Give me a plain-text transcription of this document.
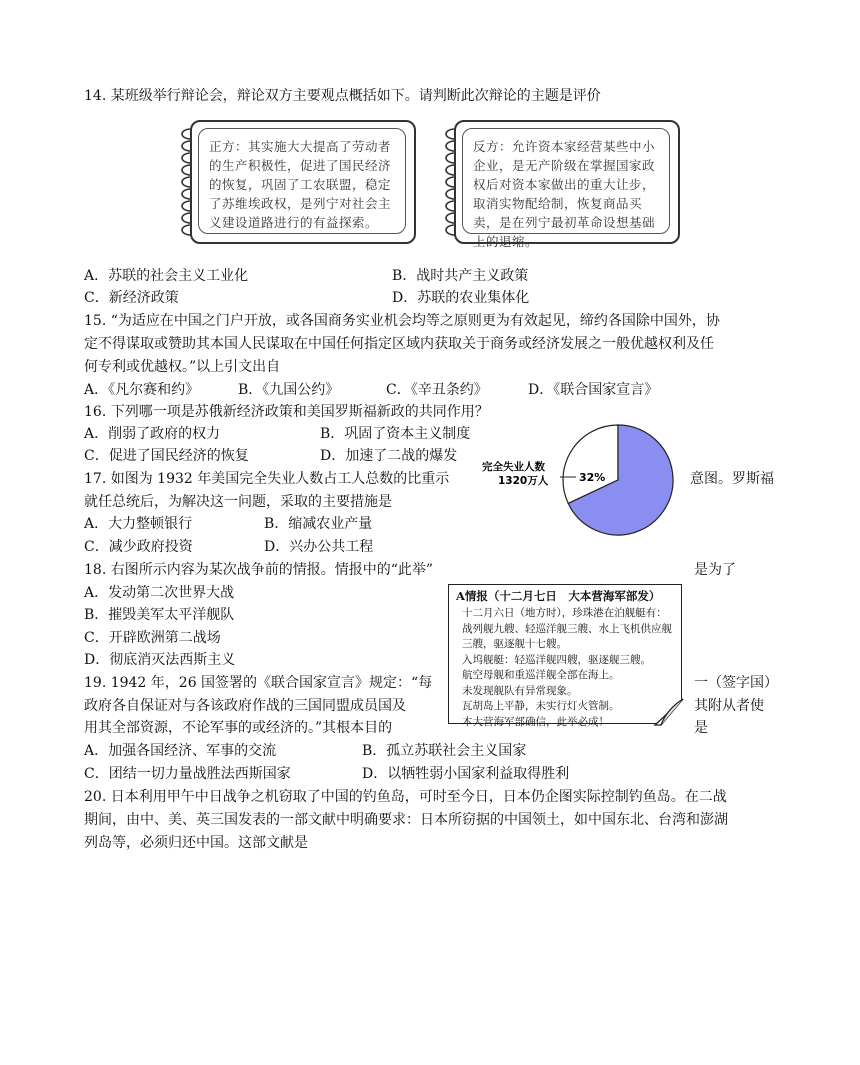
14. 某班级举行辩论会，辩论双方主要观点概括如下。请判断此次辩论的主题是评价
正方：其实施大大提高了劳动者的生产积极性，促进了国民经济的恢复，巩固了工农联盟，稳定了苏维埃政权，是列宁对社会主义建设道路进行的有益探索。
反方：允许资本家经营某些中小企业，是无产阶级在掌握国家政权后对资本家做出的重大让步，取消实物配给制，恢复商品买卖，是在列宁最初革命设想基础上的退缩。
A．苏联的社会主义工业化	B．战时共产主义政策
C．新经济政策	D．苏联的农业集体化
15. “为适应在中国之门户开放，或各国商务实业机会均等之原则更为有效起见，缔约各国除中国外，协
定不得谋取或赞助其本国人民谋取在中国任何指定区域内获取关于商务或经济发展之一般优越权利及任
何专利或优越权。”以上引文出自
A．《凡尔赛和约》	B．《九国公约》	C．《辛丑条约》	D．《联合国家宣言》
16. 下列哪一项是苏俄新经济政策和美国罗斯福新政的共同作用？
A．削弱了政府的权力	B．巩固了资本主义制度
C．促进了国民经济的恢复	D．加速了二战的爆发
17. 如图为 1932 年美国完全失业人数占工人总数的比重示	意图。罗斯福
就任总统后，为解决这一问题，采取的主要措施是
A．大力整顿银行	B．缩减农业产量
C．减少政府投资	D．兴办公共工程
完全失业人数
1320万人	32%
18. 右图所示内容为某次战争前的情报。情报中的“此举”	是为了
A．发动第二次世界大战
B．摧毁美军太平洋舰队
C．开辟欧洲第二战场
D．彻底消灭法西斯主义
A情报（十二月七日　大本营海军部发）
十二月六日（地方时），珍珠港在泊舰艇有：
战列舰九艘、轻巡洋舰三艘、水上飞机供应舰
三艘，驱逐舰十七艘。
入坞舰艇：轻巡洋舰四艘，驱逐舰三艘。
航空母舰和重巡洋舰全部在海上。
未发现舰队有异常现象。
瓦胡岛上平静，未实行灯火管制。
本大营海军部确信，此举必成！
19. 1942 年，26 国签署的《联合国家宣言》规定：“每	一（签字国）
政府各自保证对与各该政府作战的三国同盟成员国及	其附从者使
用其全部资源，不论军事的或经济的。”其根本目的	是
A．加强各国经济、军事的交流	B．孤立苏联社会主义国家
C．团结一切力量战胜法西斯国家	D．以牺牲弱小国家利益取得胜利
20. 日本利用甲午中日战争之机窃取了中国的钓鱼岛，可时至今日，日本仍企图实际控制钓鱼岛。在二战
期间，由中、美、英三国发表的一部文献中明确要求：日本所窃据的中国领土，如中国东北、台湾和澎湖
列岛等，必须归还中国。这部文献是
